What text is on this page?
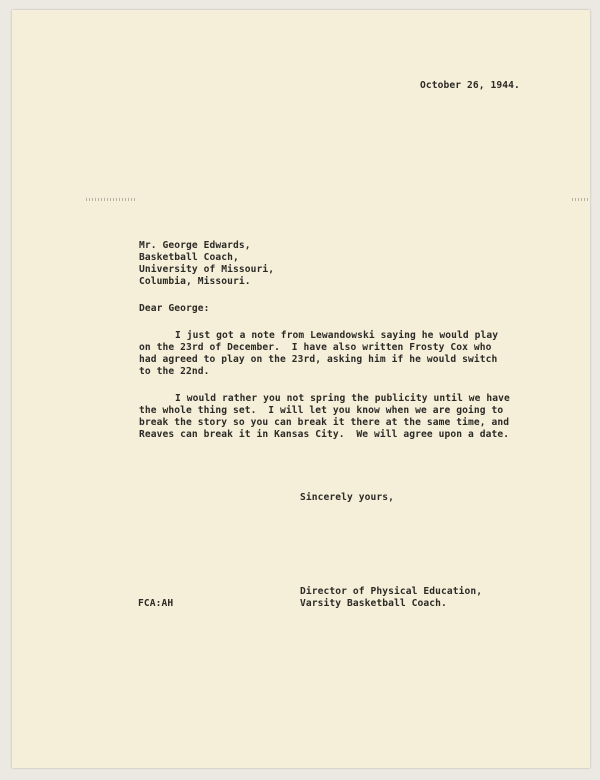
October 26, 1944.
Mr. George Edwards,
Basketball Coach,
University of Missouri,
Columbia, Missouri.
Dear George:
I just got a note from Lewandowski saying he would play
on the 23rd of December.  I have also written Frosty Cox who
had agreed to play on the 23rd, asking him if he would switch
to the 22nd.
I would rather you not spring the publicity until we have
the whole thing set.  I will let you know when we are going to
break the story so you can break it there at the same time, and
Reaves can break it in Kansas City.  We will agree upon a date.
Sincerely yours,
Director of Physical Education,
Varsity Basketball Coach.
FCA:AH
